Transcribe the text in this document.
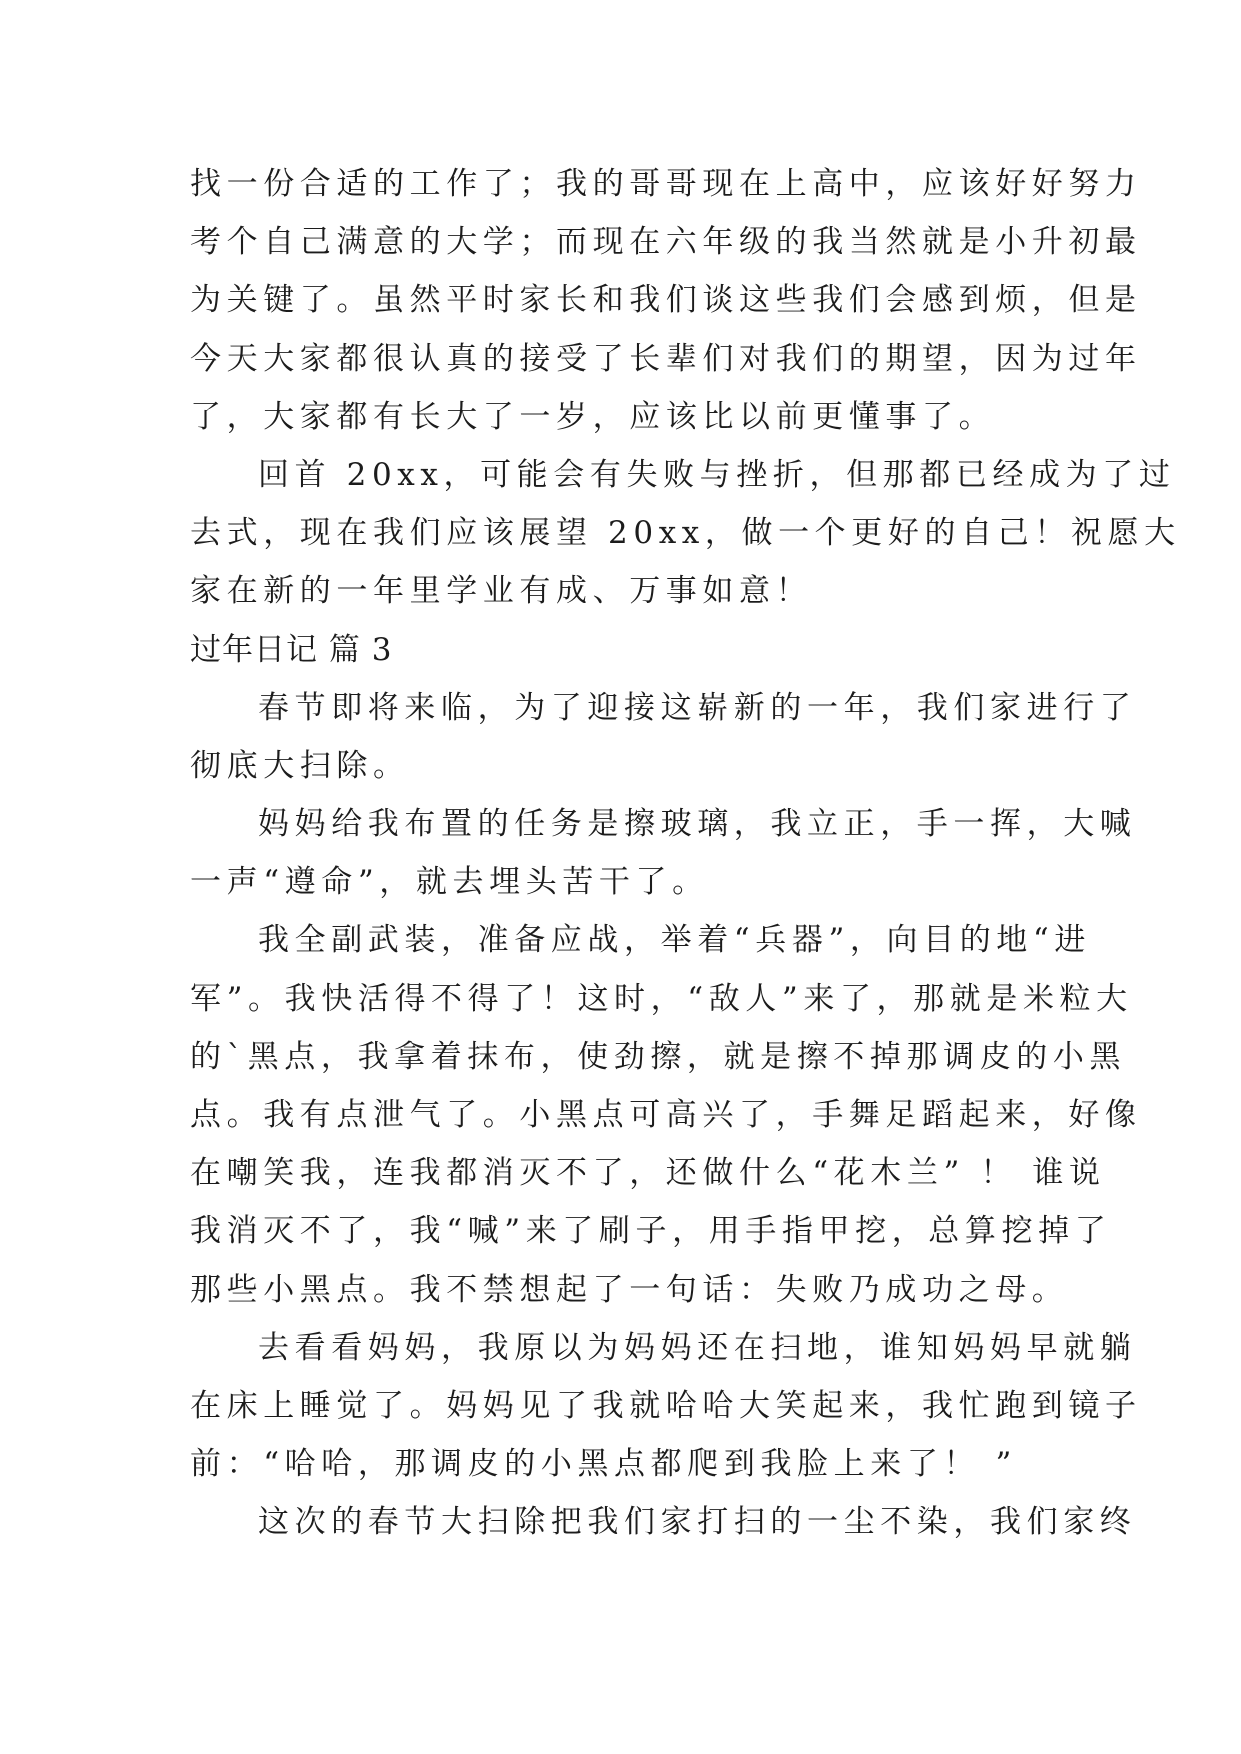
找一份合适的工作了；我的哥哥现在上高中，应该好好努力
考个自己满意的大学；而现在六年级的我当然就是小升初最
为关键了。虽然平时家长和我们谈这些我们会感到烦，但是
今天大家都很认真的接受了长辈们对我们的期望，因为过年
了，大家都有长大了一岁，应该比以前更懂事了。
回首 20xx，可能会有失败与挫折，但那都已经成为了过
去式，现在我们应该展望 20xx，做一个更好的自己！祝愿大
家在新的一年里学业有成、万事如意！
过年日记 篇 3
春节即将来临，为了迎接这崭新的一年，我们家进行了
彻底大扫除。
妈妈给我布置的任务是擦玻璃，我立正，手一挥，大喊
一声“遵命”，就去埋头苦干了。
我全副武装，准备应战，举着“兵器”，向目的地“进
军”。我快活得不得了！这时，“敌人”来了，那就是米粒大
的`黑点，我拿着抹布，使劲擦，就是擦不掉那调皮的小黑
点。我有点泄气了。小黑点可高兴了，手舞足蹈起来，好像
在嘲笑我，连我都消灭不了，还做什么“花木兰” ！ 谁说
我消灭不了，我“喊”来了刷子，用手指甲挖，总算挖掉了
那些小黑点。我不禁想起了一句话：失败乃成功之母。
去看看妈妈，我原以为妈妈还在扫地，谁知妈妈早就躺
在床上睡觉了。妈妈见了我就哈哈大笑起来，我忙跑到镜子
前：“哈哈，那调皮的小黑点都爬到我脸上来了！ ”
这次的春节大扫除把我们家打扫的一尘不染，我们家终
